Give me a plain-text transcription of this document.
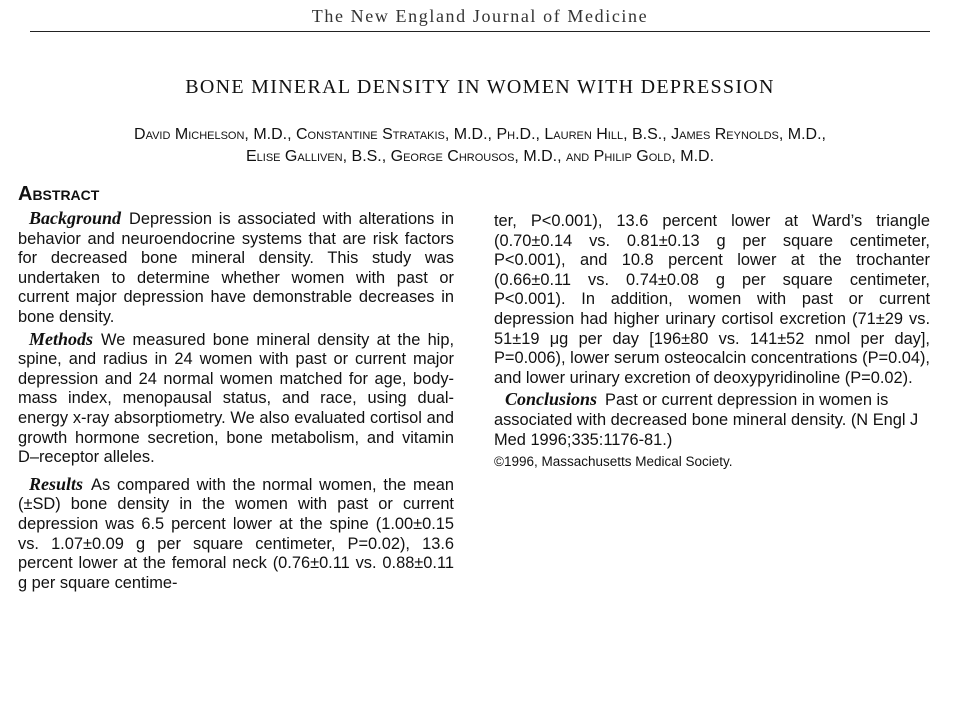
The New England Journal of Medicine
BONE MINERAL DENSITY IN WOMEN WITH DEPRESSION
David Michelson, M.D., Constantine Stratakis, M.D., Ph.D., Lauren Hill, B.S., James Reynolds, M.D.,
Elise Galliven, B.S., George Chrousos, M.D., and Philip Gold, M.D.
Abstract

Background Depression is associated with alterations in behavior and neuroendocrine systems that are risk factors for decreased bone mineral density. This study was undertaken to determine whether women with past or current major depression have demonstrable decreases in bone density.

Methods We measured bone mineral density at the hip, spine, and radius in 24 women with past or current major depression and 24 normal women matched for age, body-mass index, menopausal status, and race, using dual-energy x-ray absorptiometry. We also evaluated cortisol and growth hormone secretion, bone metabolism, and vitamin D–receptor alleles.

Results As compared with the normal women, the mean (±SD) bone density in the women with past or current depression was 6.5 percent lower at the spine (1.00±0.15 vs. 1.07±0.09 g per square centimeter, P=0.02), 13.6 percent lower at the femoral neck (0.76±0.11 vs. 0.88±0.11 g per square centime-

ter, P<0.001), 13.6 percent lower at Ward’s triangle (0.70±0.14 vs. 0.81±0.13 g per square centimeter, P<0.001), and 10.8 percent lower at the trochanter (0.66±0.11 vs. 0.74±0.08 g per square centimeter, P<0.001). In addition, women with past or current depression had higher urinary cortisol excretion (71±29 vs. 51±19 μg per day [196±80 vs. 141±52 nmol per day], P=0.006), lower serum osteocalcin concentrations (P=0.04), and lower urinary excretion of deoxypyridinoline (P=0.02).

Conclusions Past or current depression in women is associated with decreased bone mineral density. (N Engl J Med 1996;335:1176-81.)

©1996, Massachusetts Medical Society.
